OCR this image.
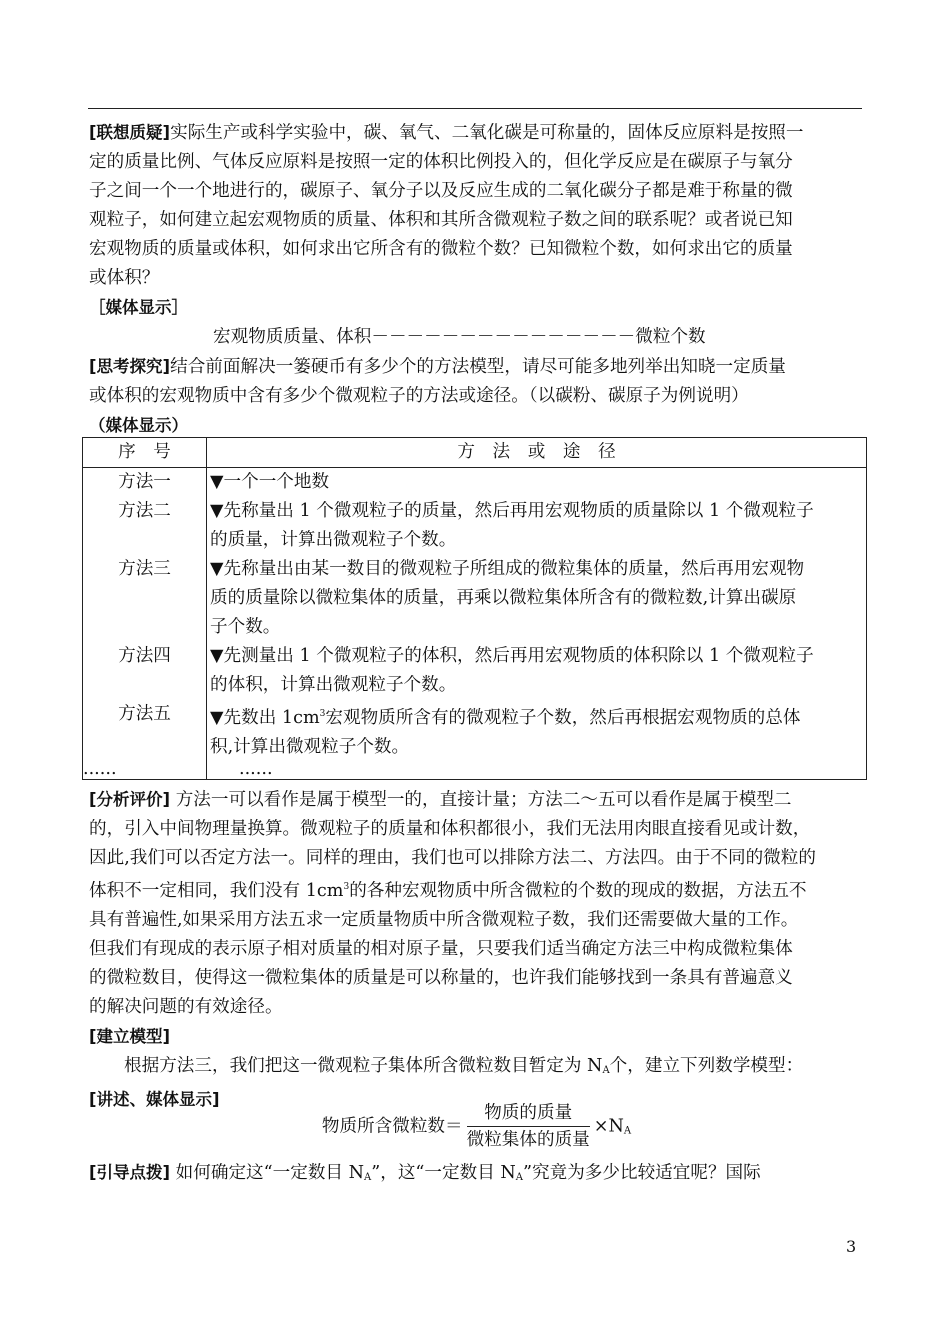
[联想质疑]实际生产或科学实验中，碳、氧气、二氧化碳是可称量的，固体反应原料是按照一
定的质量比例、气体反应原料是按照一定的体积比例投入的，但化学反应是在碳原子与氧分
子之间一个一个地进行的，碳原子、氧分子以及反应生成的二氧化碳分子都是难于称量的微
观粒子，如何建立起宏观物质的质量、体积和其所含微观粒子数之间的联系呢？或者说已知
宏观物质的质量或体积，如何求出它所含有的微粒个数？已知微粒个数，如何求出它的质量
或体积？
［媒体显示］
宏观物质质量、体积－－－－－－－－－－－－－－－微粒个数
[思考探究]结合前面解决一篓硬币有多少个的方法模型，请尽可能多地列举出知晓一定质量
或体积的宏观物质中含有多少个微观粒子的方法或途径。（以碳粉、碳原子为例说明）
（媒体显示）
序　号	方　法　或　途　径
方法一	▼一个一个地数

方法二	▼先称量出 1 个微观粒子的质量，然后再用宏观物质的质量除以 1 个微观粒子
的质量，计算出微观粒子个数。

方法三	▼先称量出由某一数目的微观粒子所组成的微粒集体的质量，然后再用宏观物
质的质量除以微粒集体的质量，再乘以微粒集体所含有的微粒数,计算出碳原
子个数。

方法四	▼先测量出 1 个微观粒子的体积，然后再用宏观物质的体积除以 1 个微观粒子
的体积，计算出微观粒子个数。

方法五	▼先数出 $1cm^3$宏观物质所含有的微观粒子个数，然后再根据宏观物质的总体
积,计算出微观粒子个数。

......	......
[分析评价] 方法一可以看作是属于模型一的，直接计量；方法二～五可以看作是属于模型二
的，引入中间物理量换算。微观粒子的质量和体积都很小，我们无法用肉眼直接看见或计数，
因此,我们可以否定方法一。同样的理由，我们也可以排除方法二、方法四。由于不同的微粒的
体积不一定相同，我们没有 $1cm^3$的各种宏观物质中所含微粒的个数的现成的数据，方法五不
具有普遍性,如果采用方法五求一定质量物质中所含微观粒子数，我们还需要做大量的工作。
但我们有现成的表示原子相对质量的相对原子量，只要我们适当确定方法三中构成微粒集体
的微粒数目，使得这一微粒集体的质量是可以称量的，也许我们能够找到一条具有普遍意义
的解决问题的有效途径。
[建立模型]
根据方法三，我们把这一微观粒子集体所含微粒数目暂定为 $N_A$个，建立下列数学模型：
[讲述、媒体显示]
物质所含微粒数＝ $\frac{\text{物质的质量}}{\text{微粒集体的质量}} \times N_A$
[引导点拨] 如何确定这“一定数目 $N_A$”，这“一定数目 $N_A$”究竟为多少比较适宜呢？国际
3
